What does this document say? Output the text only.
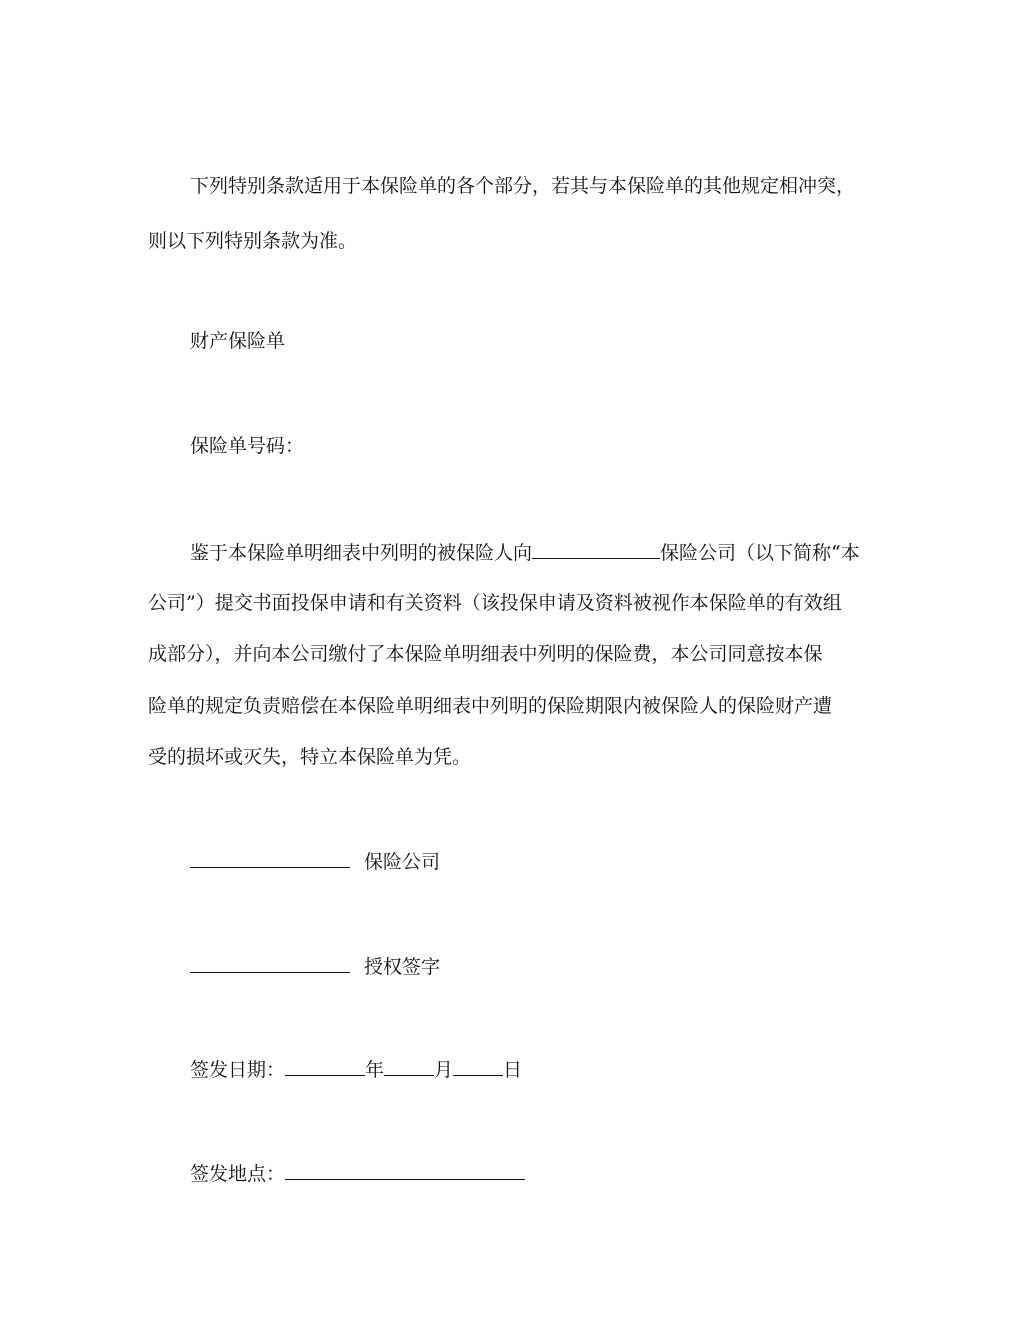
下列特别条款适用于本保险单的各个部分，若其与本保险单的其他规定相冲突，
则以下列特别条款为准。
财产保险单
保险单号码：
鉴于本保险单明细表中列明的被保险人向	保险公司（以下简称“本
公司”）提交书面投保申请和有关资料（该投保申请及资料被视作本保险单的有效组
成部分），并向本公司缴付了本保险单明细表中列明的保险费，本公司同意按本保
险单的规定负责赔偿在本保险单明细表中列明的保险期限内被保险人的保险财产遭
受的损坏或灭失，特立本保险单为凭。
保险公司
授权签字
签发日期：	年	月	日
签发地点：
